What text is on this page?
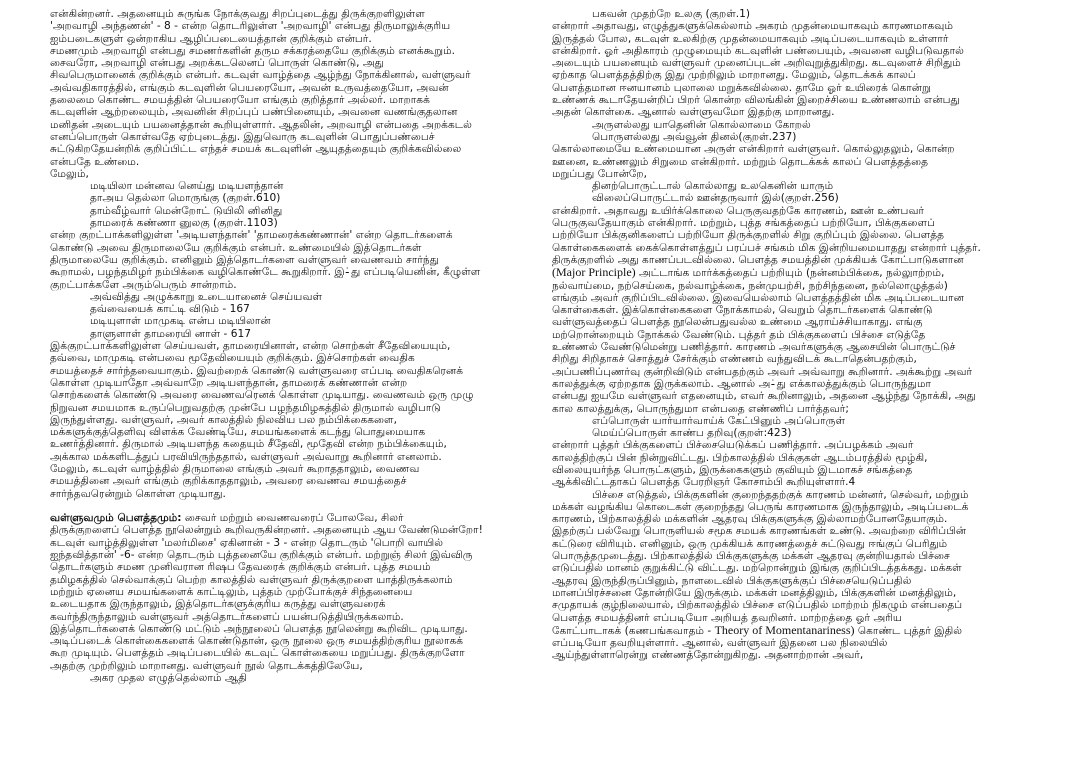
என்கின்றனர். அதனையும் சுருங்க நோக்குவது சிறப்புடைத்து திருக்குறளிலுள்ள

'அறவாழி அந்தணன்' - 8 - என்ற தொடரிலுள்ள 'அறவாழி' என்பது திருமாலுக்குரிய

ஐம்படைகளுள் ஒன்றாகிய ஆழிப்படையைத்தான் குறிக்கும் என்பர்.

சமணமும் அறவாழி என்பது சமணர்களின் தரும சக்கரத்தையே குறிக்கும் எனக்கூறும்.

சைவரோ, அறவாழி என்பது அறக்கடலெனப் பொருள் கொண்டு, அது

சிவபெருமானைக் குறிக்கும் என்பர். கடவுள் வாழ்த்தை ஆழ்ந்து நோக்கினால், வள்ளுவர்

அவ்வதிகாரத்தில், எங்கும் கடவுளின் பெயரையோ, அவன் உருவத்தையோ, அவன்

தலைமை கொண்ட சமயத்தின் பெயரையோ எங்கும் குறித்தார் அல்லர். மாறாகக்

கடவுளின் ஆற்றலையும், அவனின் சிறப்புப் பண்பினையும், அவனை வணங்குதலான

மனிதன் அடையும் பயனைத்தான் கூறியுள்ளார். ஆதலின், அறவாழி என்பதை அறக்கடல்

எனப்பொருள் கொள்வதே ஏற்புடைத்து. இதுவொரு கடவுளின் பொதுப்பண்பைச்

சுட்டுகிறதேயன்றிக் குறிப்பிட்ட எந்தச் சமயக் கடவுளின் ஆயுதத்தையும் குறிக்கவில்லை

என்பதே உண்மை.

மேலும்,

மடியிலா மன்னவ னெய்து மடியளந்தான்

தாஅய தெல்லா மொருங்கு (குறள்.610)

தாம்வீழ்வார் மென்றோட் டுயிலி னினிது

தாமரைக் கண்ணா னுலகு (குறள்.1103)

என்ற குறட்பாக்களிலுள்ள 'அடியளந்தான்' 'தாமரைக்கண்ணான்' என்ற தொடர்களைக்

கொண்டு அவை திருமாலையே குறிக்கும் என்பர். உண்மையில் இத்தொடர்கள்

திருமாலையே குறிக்கும். எனினும் இத்தொடர்களை வள்ளுவர் வைணவம் சார்ந்து

கூறாமல், பழந்தமிழர் நம்பிக்கை வழிகொண்டே கூறுகிறார். இ-்து எப்படியெனின், கீழுள்ள

குறட்பாக்களே அரும்பெரும் சான்றாம்.

அவ்வித்து அழுக்காறு உடையானைச் செய்யவள்

தவ்வையைக் காட்டி விடும் - 167

மடியுளாள் மாமுகடி என்ப மடியிலான்

தாளுளாள் தாமரையி னாள் - 617

இக்குறட்பாக்களிலுள்ள செய்யவள், தாமரையினாள், என்ற சொற்கள் சீதேவியையும்,

தவ்வை, மாமுகடி என்பவை மூதேவியையும் குறிக்கும். இச்சொற்கள் வைதிக

சமயத்தைச் சார்ந்தவையாகும். இவற்றைக் கொண்டு வள்ளுவரை எப்படி வைதிகரெனக்

கொள்ள முடியாதோ அவ்வாறே அடியளந்தான், தாமரைக் கண்ணான் என்ற

சொற்களைக் கொண்டு அவரை வைணவரெனக் கொள்ள முடியாது. வைணவம் ஒரு முழு

நிறுவன சமயமாக உருப்பெறுவதற்கு முன்பே பழந்தமிழகத்தில் திருமால் வழிபாடு

இருந்துள்ளது. வள்ளுவர், அவர் காலத்தில் நிலவிய பல நம்பிக்கைகளை,

மக்களுக்குத்தெளிவு விளக்க வேண்டியே, சமயங்களைக் கடந்து பொதுமையாக

உணர்த்தினார். திருமால் அடியளந்த கதையும் சீதேவி, மூதேவி என்ற நம்பிக்கையும்,

அக்கால மக்களிடத்துப் பரவியிருந்ததால், வள்ளுவர் அவ்வாறு கூறினார் எனலாம்.

மேலும், கடவுள் வாழ்த்தில் திருமாலை எங்கும் அவர் கூறாததாலும், வைணவ

சமயத்தினை அவர் எங்கும் குறிக்காததாலும், அவரை வைணவ சமயத்தைச்

சார்ந்தவரென்றும் கொள்ள முடியாது.

வள்ளுவமும் பௌத்தமும்: சைவர் மற்றும் வைணவரைப் போலவே, சிலர்

திருக்குறளைப் பௌத்த நூலென்றும் கூறிவருகின்றனர். அதனையும் ஆய வேண்டுமன்றோ!

கடவுள் வாழ்த்திலுள்ள 'மலர்மிசை' ஏகினான் - 3 - என்ற தொடரும் 'பொறி வாயில்

ஐந்தவித்தான்' -6- என்ற தொடரும் புத்தனையே குறிக்கும் என்பர். மற்றுஞ் சிலர் இவ்விரு

தொடர்களும் சமண முனிவரான ரிஷப தேவரைக் குறிக்கும் என்பர். புத்த சமயம்

தமிழகத்தில் செல்வாக்குப் பெற்ற காலத்தில் வள்ளுவர் திருக்குறளை யாத்திருக்கலாம்

மற்றும் ஏனைய சமயங்களைக் காட்டிலும், புத்தம் முற்போக்குச் சிந்தனையை

உடையதாக இருந்தாலும், இத்தொடர்களுக்குரிய கருத்து வள்ளுவரைக்

கவர்ந்திருந்தாலும் வள்ளுவர் அத்தொடர்களைப் பயன்படுத்தியிருக்கலாம்.

இத்தொடர்களைக் கொண்டு மட்டும் அந்நூலைப் பௌத்த நூலென்று கூறிவிட முடியாது.

அடிப்படைக் கொள்கைகளைக் கொண்டுதான், ஒரு நூலை ஒரு சமயத்திற்குரிய நூலாகக்

கூற முடியும். பௌத்தம் அடிப்படையில் கடவுட் கொள்கையை மறுப்பது. திருக்குறளோ

அதற்கு முற்றிலும் மாறானது. வள்ளுவர் நூல் தொடக்கத்திலேயே,

அகர முதல எழுத்தெல்லாம் ஆதி

பகவன் முதற்றே உலகு (குறள்.1)

என்றார் அதாவது, எழுத்துகளுக்கெல்லாம் அகரம் முதன்மையாகவும் காரணமாகவும்

இருத்தல் போல, கடவுள் உலகிற்கு முதன்மையாகவும் அடிப்படையாகவும் உள்ளார்

என்கிறார். ஓர் அதிகாரம் முழுமையும் கடவுளின் பண்பையும், அவனை வழிபடுவதால்

அடையும் பயனையும் வள்ளுவர் முனைப்புடன் அறிவுறுத்துகிறது. கடவுளைச் சிறிதும்

ஏற்காத பௌத்தத்திற்கு இது முற்றிலும் மாறானது. மேலும், தொடக்கக் காலப்

பௌத்தமான ஈனயானம் புலாலை மறுக்கவில்லை. தாமே ஓர் உயிரைக் கொன்று

உண்ணக் கூடாதேயன்றிப் பிறர் கொன்ற விலங்கின் இறைச்சியை உண்ணலாம் என்பது

அதன் கொள்கை. ஆனால் வள்ளுவமோ இதற்கு மாறானது.

அருளல்லது யாதெனின் கொல்லாமை கோறல்

பொருளல்லது அவ்வூன் தினல்(குறள்.237)

கொல்லாமையே உண்மையான அருள் என்கிறார் வள்ளுவர். கொல்லுதலும், கொன்ற

ஊனை, உண்ணலும் சிறுமை என்கிறார். மற்றும் தொடக்கக் காலப் பௌத்தத்தை

மறுப்பது போன்றே,

தினற்பொருட்டால் கொல்லாது உலகெனின் யாரும்

விலைப்பொருட்டால் ஊன்தருவார் இல்(குறள்.256)

என்கிறார். அதாவது உயிர்க்கொலை பெருகுவதற்கே காரணம், ஊன் உண்பவர்

பெருகுவதேயாகும் என்கிறார். மற்றும், புத்த சங்கத்தைப் பற்றியோ, பிக்குகளைப்

பற்றியோ பிக்குனிகளைப் பற்றியோ திருக்குறளில் சிறு குறிப்பும் இல்லை. பௌத்த

கொள்கைகளைக் கைக்கொள்ளத்துப் பரப்பச் சங்கம் மிக இன்றியமையாதது என்றார் புத்தர்.

திருக்குறளில் அது காணப்படவில்லை. பௌத்த சமயத்தின் முக்கியக் கோட்பாடுகளான

(Major Principle) அட்டாங்க மார்க்கத்தைப் பற்றியும் (நன்னம்பிக்கை, நல்லுாற்றம்,

நல்வாய்மை, நற்செய்கை, நல்வாழ்க்கை, நன்முயற்சி, நற்சிந்தனை, நல்லொழுத்தல்)

எங்கும் அவர் குறிப்பிடவில்லை. இவையெல்லாம் பௌத்தத்தின் மிக அடிப்படையான

கொள்கைகள். இக்கொள்கைகளை நோக்காமல், வெறும் தொடர்களைக் கொண்டு

வள்ளுவத்தைப் பௌத்த நூலென்பதுவல்ல உண்மை ஆராய்ச்சியாகாது. எங்கு

மற்றொன்றையும் நோக்கல் வேண்டும். புத்தர் தம் பிக்குகளைப் பிச்சை எடுத்தே

உண்ணல் வேண்டுமென்று பணித்தார். காரணம் அவர்களுக்கு ஆசையின் பொருட்டுச்

சிறிது சிறிதாகச் சொத்துச் சேர்க்கும் எண்ணம் வந்துவிடக் கூடாதென்பதற்கும்,

அப்பணிப்புணர்வு குன்றிவிடும் என்பதற்கும் அவர் அவ்வாறு கூறினார். அக்கூற்று அவர்

காலத்துக்கு ஏற்றதாக இருக்கலாம். ஆனால் அ-்து எக்காலத்துக்கும் பொருந்துமா

என்பது ஐயமே வள்ளுவர் எதனையும், எவர் கூறினாலும், அதனை ஆழ்ந்து நோக்கி, அது

கால காலத்துக்கு, பொருந்துமா என்பதை எண்ணிப் பார்த்தவர்;

எப்பொருள் யார்யார்வாய்க் கேட்பினும் அப்பொருள்

மெய்ப்பொருள் காண்ப தறிவு(குறள்:423)

என்றார் புத்தர் பிக்குகளைப் பிச்சையெடுக்கப் பணித்தார். அப்பழக்கம் அவர்

காலத்திற்குப் பின் நின்றுவிட்டது. பிற்காலத்தில் பிக்குகள் ஆடம்பரத்தில் மூழ்கி,

விலையுயர்ந்த பொருட்களும், இருக்கைகளும் குவியும் இடமாகச் சங்கத்தை

ஆக்கிவிட்டதாகப் பௌத்த பேரறிஞர் கோசாம்பி கூறியுள்ளார்.4

பிச்சை எடுத்தல், பிக்குகளின் குறைந்ததற்குக் காரணம் மன்னர், செல்வர், மற்றும்

மக்கள் வழங்கிய கொடைகள் குறைந்தது பெருங் காரணமாக இருந்தாலும், அடிப்படைக்

காரணம், பிற்காலத்தில் மக்களின் ஆதரவு பிக்குகளுக்கு இல்லாமற்போனதேயாகும்.

இதற்குப் பல்வேறு பொருளியல் சமூக சமயக் காரணங்கள் உண்டு. அவற்றை விரிப்பின்

கட்டுரை விரியும். எனினும், ஒரு முக்கியக் காரணத்தைச் சுட்டுவது ஈங்குப் பெரிதும்

பொருத்தமுடைத்து. பிற்காலத்தில் பிக்குகளுக்கு மக்கள் ஆதரவு குன்றியதால் பிச்சை

எடுப்பதில் மானம் குறுக்கிட்டு விட்டது. மற்றொன்றும் இங்கு குறிப்பிடத்தக்கது. மக்கள்

ஆதரவு இருந்திருப்பினும், நாளடைவில் பிக்குகளுக்குப் பிச்சையெடுப்பதில்

மானப்பிரச்சனை தோன்றியே இருக்கும். மக்கள் மனத்திலும், பிக்குகளின் மனத்திலும்,

சமுதாயக் குழ்நிலையால், பிற்காலத்தில் பிச்சை எடுப்பதில் மாற்றம் நிகழும் என்பதைப்

பௌத்த சமயத்தினர் எப்படியோ அறியத் தவறினர். மாற்றத்தை ஓர் அரிய

கோட்பாடாகக் (கணபங்கவாதம் - Theory of Momentanariness) கொண்ட புத்தர் இதில்

எப்படியோ தவறியுள்ளார். ஆனால், வள்ளுவர் இதனை பல நிலையில்

ஆய்ந்துள்ளாரென்று எண்ணத்தோன்றுகிறது. அதனாற்றான் அவர்,
